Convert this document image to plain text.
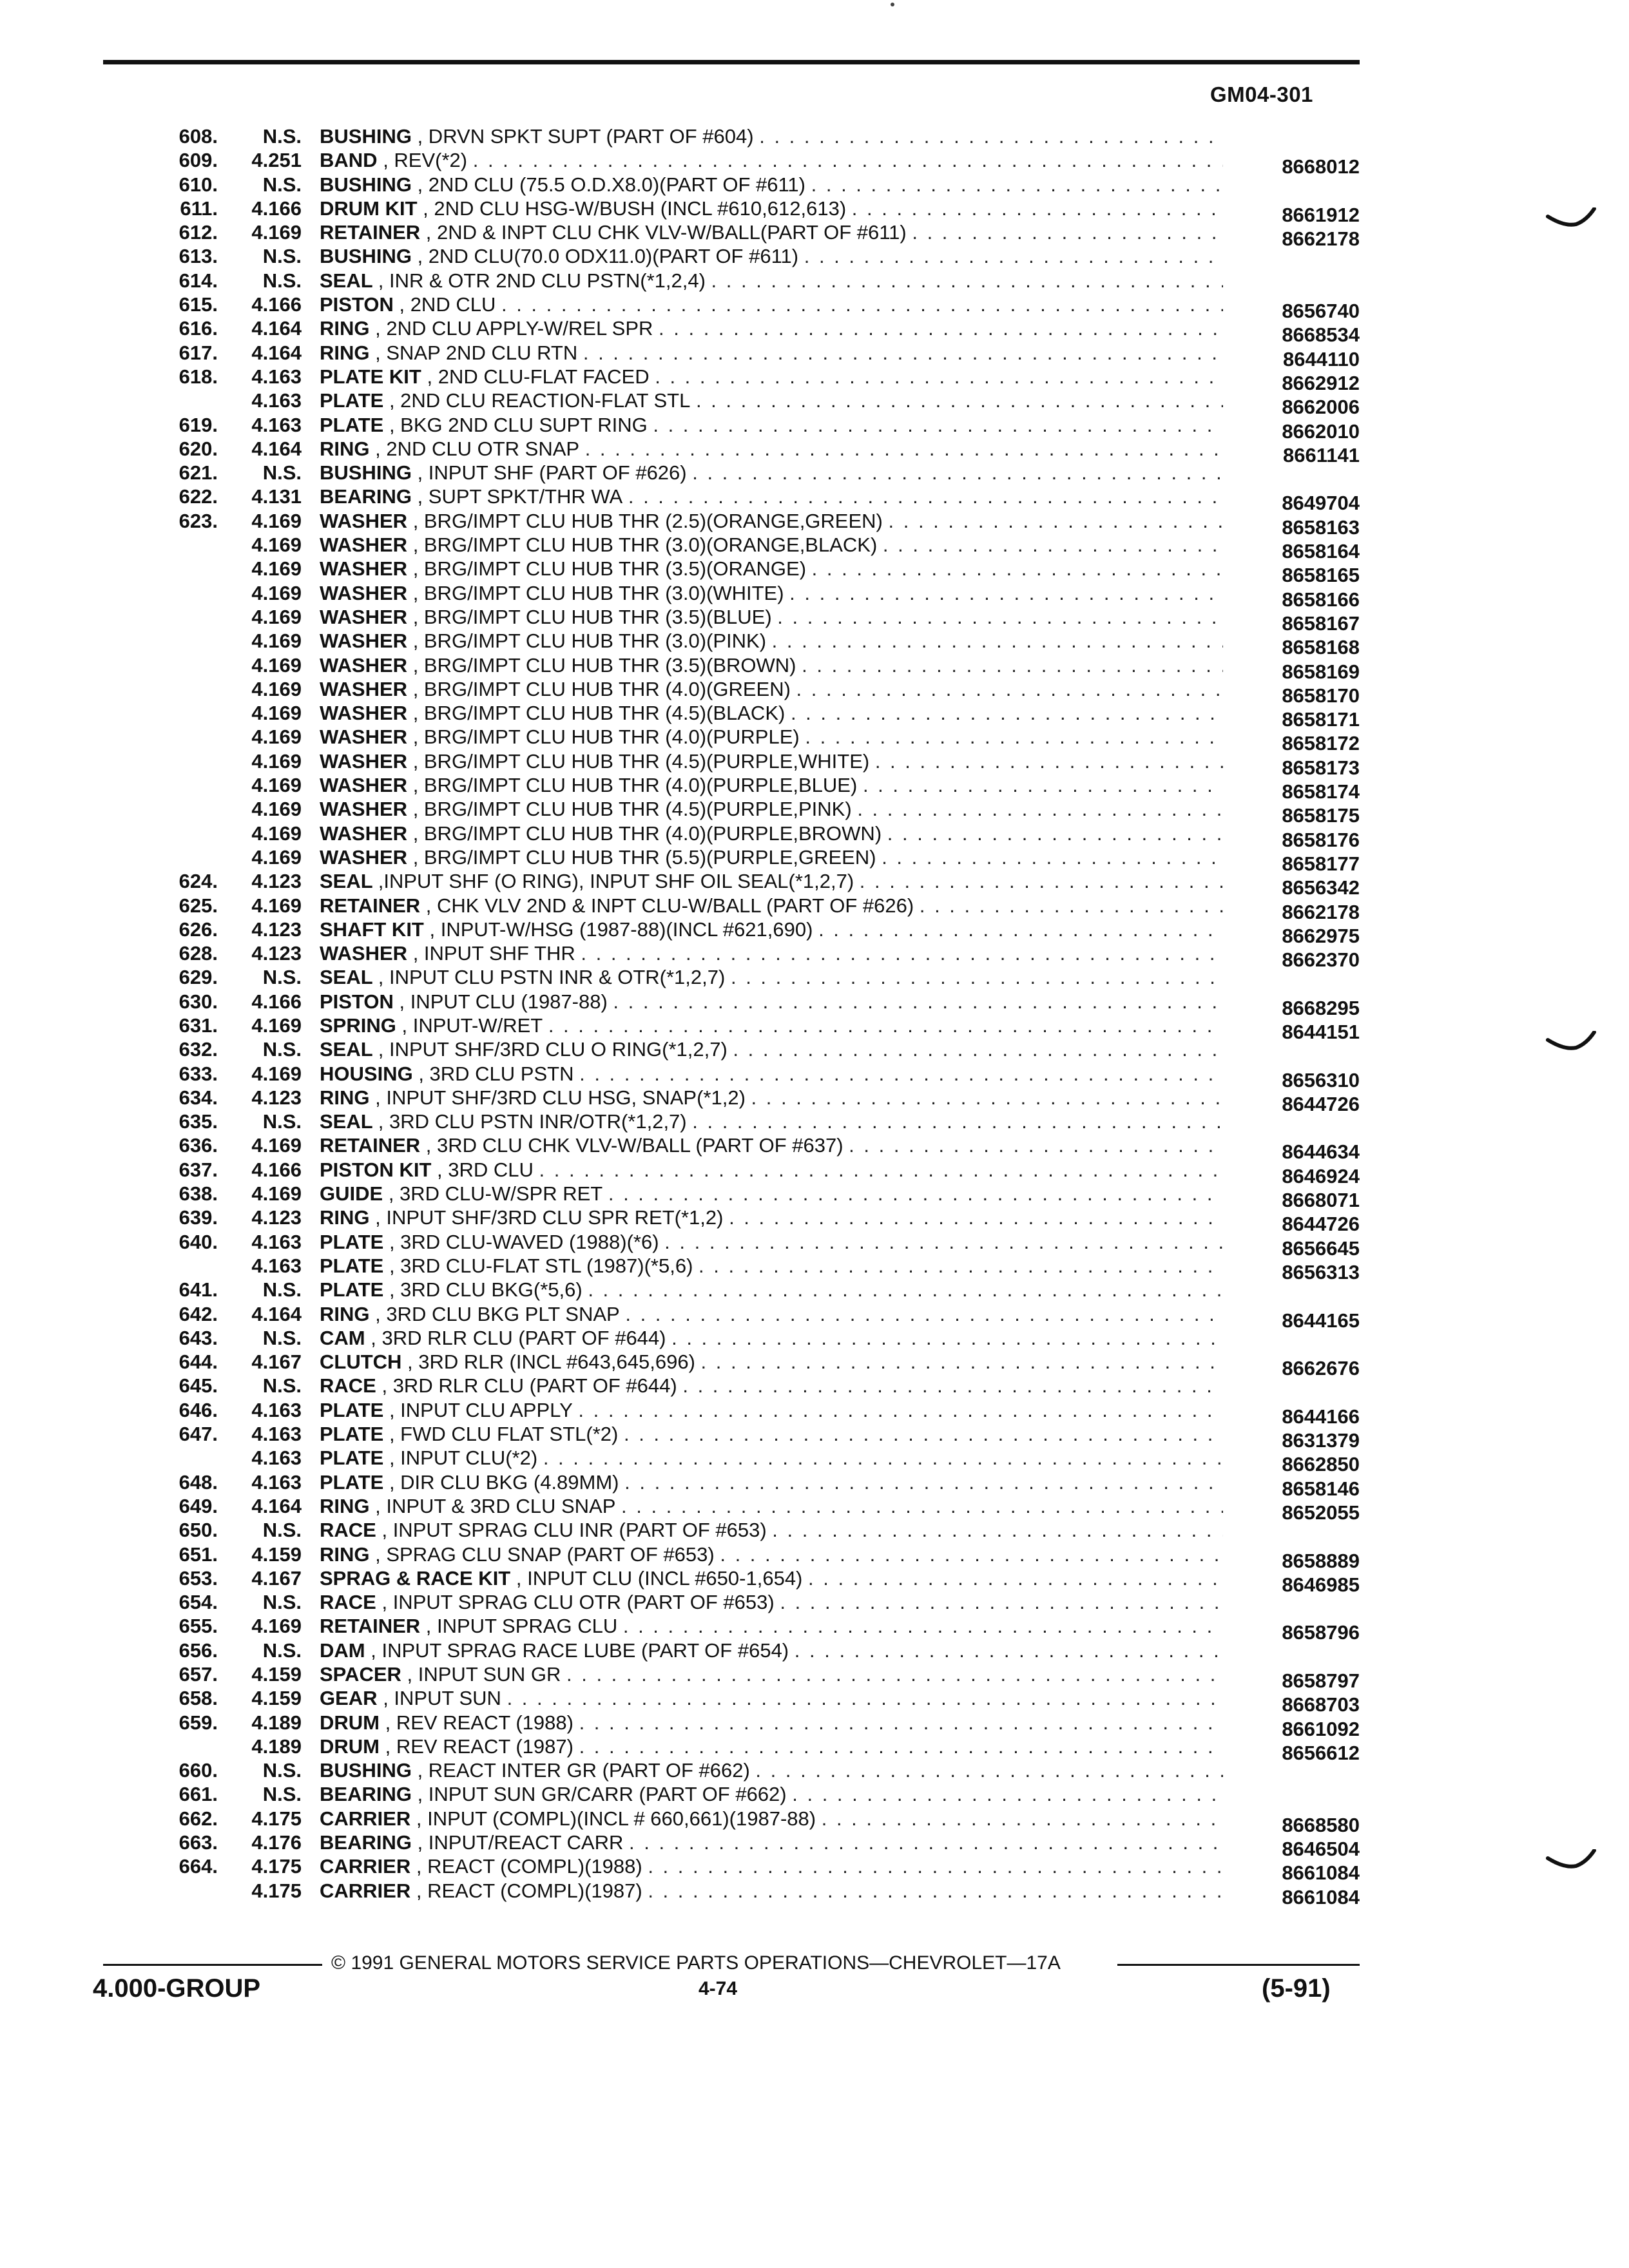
GM04-301
608.	N.S. BUSHING , DRVN SPKT SUPT (PART OF #604) . . .
609.	4.251 BAND , REV(*2) . . .	8668012
610.	N.S. BUSHING , 2ND CLU (75.5 O.D.X8.0)(PART OF #611) . . .
611.	4.166 DRUM KIT , 2ND CLU HSG-W/BUSH (INCL #610,612,613) . . .	8661912
612.	4.169 RETAINER , 2ND & INPT CLU CHK VLV-W/BALL(PART OF #611) . . .	8662178
613.	N.S. BUSHING , 2ND CLU(70.0 ODX11.0)(PART OF #611) . . .
614.	N.S. SEAL , INR & OTR 2ND CLU PSTN(*1,2,4) . . .
615.	4.166 PISTON , 2ND CLU . . .	8656740
616.	4.164 RING , 2ND CLU APPLY-W/REL SPR . . .	8668534
617.	4.164 RING , SNAP 2ND CLU RTN . . .	8644110
618.	4.163 PLATE KIT , 2ND CLU-FLAT FACED . . .	8662912
4.163 PLATE , 2ND CLU REACTION-FLAT STL . . .	8662006
619.	4.163 PLATE , BKG 2ND CLU SUPT RING . . .	8662010
620.	4.164 RING , 2ND CLU OTR SNAP . . .	8661141
621.	N.S. BUSHING , INPUT SHF (PART OF #626) . . .
622.	4.131 BEARING , SUPT SPKT/THR WA . . .	8649704
623.	4.169 WASHER , BRG/IMPT CLU HUB THR (2.5)(ORANGE,GREEN) . . .	8658163
4.169 WASHER , BRG/IMPT CLU HUB THR (3.0)(ORANGE,BLACK) . . .	8658164
4.169 WASHER , BRG/IMPT CLU HUB THR (3.5)(ORANGE) . . .	8658165
4.169 WASHER , BRG/IMPT CLU HUB THR (3.0)(WHITE) . . .	8658166
4.169 WASHER , BRG/IMPT CLU HUB THR (3.5)(BLUE) . . .	8658167
4.169 WASHER , BRG/IMPT CLU HUB THR (3.0)(PINK) . . .	8658168
4.169 WASHER , BRG/IMPT CLU HUB THR (3.5)(BROWN) . . .	8658169
4.169 WASHER , BRG/IMPT CLU HUB THR (4.0)(GREEN) . . .	8658170
4.169 WASHER , BRG/IMPT CLU HUB THR (4.5)(BLACK) . . .	8658171
4.169 WASHER , BRG/IMPT CLU HUB THR (4.0)(PURPLE) . . .	8658172
4.169 WASHER , BRG/IMPT CLU HUB THR (4.5)(PURPLE,WHITE) . . .	8658173
4.169 WASHER , BRG/IMPT CLU HUB THR (4.0)(PURPLE,BLUE) . . .	8658174
4.169 WASHER , BRG/IMPT CLU HUB THR (4.5)(PURPLE,PINK) . . .	8658175
4.169 WASHER , BRG/IMPT CLU HUB THR (4.0)(PURPLE,BROWN) . . .	8658176
4.169 WASHER , BRG/IMPT CLU HUB THR (5.5)(PURPLE,GREEN) . . .	8658177
624.	4.123 SEAL ,INPUT SHF (O RING), INPUT SHF OIL SEAL(*1,2,7) . . .	8656342
625.	4.169 RETAINER , CHK VLV 2ND & INPT CLU-W/BALL (PART OF #626) . . .	8662178
626.	4.123 SHAFT KIT , INPUT-W/HSG (1987-88)(INCL #621,690) . . .	8662975
628.	4.123 WASHER , INPUT SHF THR . . .	8662370
629.	N.S. SEAL , INPUT CLU PSTN INR & OTR(*1,2,7) . . .
630.	4.166 PISTON , INPUT CLU (1987-88) . . .	8668295
631.	4.169 SPRING , INPUT-W/RET . . .	8644151
632.	N.S. SEAL , INPUT SHF/3RD CLU O RING(*1,2,7) . . .
633.	4.169 HOUSING , 3RD CLU PSTN . . .	8656310
634.	4.123 RING , INPUT SHF/3RD CLU HSG, SNAP(*1,2) . . .	8644726
635.	N.S. SEAL , 3RD CLU PSTN INR/OTR(*1,2,7) . . .
636.	4.169 RETAINER , 3RD CLU CHK VLV-W/BALL (PART OF #637) . . .	8644634
637.	4.166 PISTON KIT , 3RD CLU . . .	8646924
638.	4.169 GUIDE , 3RD CLU-W/SPR RET . . .	8668071
639.	4.123 RING , INPUT SHF/3RD CLU SPR RET(*1,2) . . .	8644726
640.	4.163 PLATE , 3RD CLU-WAVED (1988)(*6) . . .	8656645
4.163 PLATE , 3RD CLU-FLAT STL (1987)(*5,6) . . .	8656313
641.	N.S. PLATE , 3RD CLU BKG(*5,6) . . .
642.	4.164 RING , 3RD CLU BKG PLT SNAP . . .	8644165
643.	N.S. CAM , 3RD RLR CLU (PART OF #644) . . .
644.	4.167 CLUTCH , 3RD RLR (INCL #643,645,696) . . .	8662676
645.	N.S. RACE , 3RD RLR CLU (PART OF #644) . . .
646.	4.163 PLATE , INPUT CLU APPLY . . .	8644166
647.	4.163 PLATE , FWD CLU FLAT STL(*2) . . .	8631379
4.163 PLATE , INPUT CLU(*2) . . .	8662850
648.	4.163 PLATE , DIR CLU BKG (4.89MM) . . .	8658146
649.	4.164 RING , INPUT & 3RD CLU SNAP . . .	8652055
650.	N.S. RACE , INPUT SPRAG CLU INR (PART OF #653) . . .
651.	4.159 RING , SPRAG CLU SNAP (PART OF #653) . . .	8658889
653.	4.167 SPRAG & RACE KIT , INPUT CLU (INCL #650-1,654) . . .	8646985
654.	N.S. RACE , INPUT SPRAG CLU OTR (PART OF #653) . . .
655.	4.169 RETAINER , INPUT SPRAG CLU . . .	8658796
656.	N.S. DAM , INPUT SPRAG RACE LUBE (PART OF #654) . . .
657.	4.159 SPACER , INPUT SUN GR . . .	8658797
658.	4.159 GEAR , INPUT SUN . . .	8668703
659.	4.189 DRUM , REV REACT (1988) . . .	8661092
4.189 DRUM , REV REACT (1987) . . .	8656612
660.	N.S. BUSHING , REACT INTER GR (PART OF #662) . . .
661.	N.S. BEARING , INPUT SUN GR/CARR (PART OF #662) . . .
662.	4.175 CARRIER , INPUT (COMPL)(INCL # 660,661)(1987-88) . . .	8668580
663.	4.176 BEARING , INPUT/REACT CARR . . .	8646504
664.	4.175 CARRIER , REACT (COMPL)(1988) . . .	8661084
4.175 CARRIER , REACT (COMPL)(1987) . . .	8661084
© 1991 GENERAL MOTORS SERVICE PARTS OPERATIONS—CHEVROLET—17A
4.000-GROUP	4-74	(5-91)
